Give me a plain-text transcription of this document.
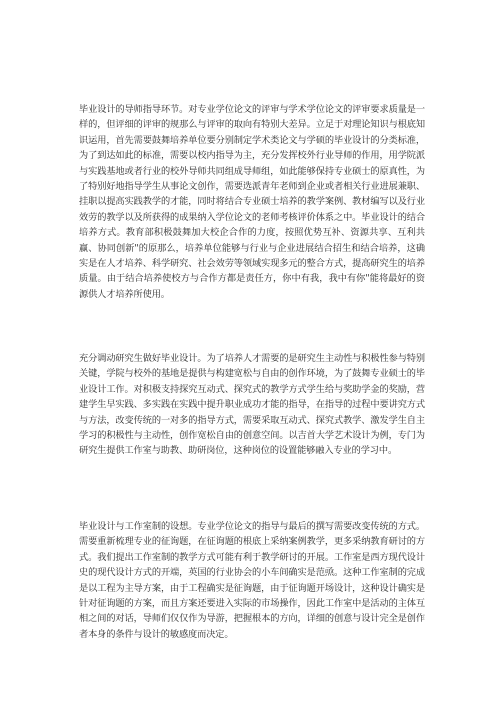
毕业设计的导师指导环节。对专业学位论文的评审与学术学位论文的评审要求质量是一样的，但评细的评审的规那么与评审的取向有特别大差异。立足于对理论知识与根底知识运用，首先需要鼓舞培养单位要分别制定学术类论文与学硕的毕业设计的分类标准，为了到达如此的标准，需要以校内指导为主，充分发挥校外行业导师的作用，用学院派与实践基地或者行业的校外导师共同组成导师组，如此能够保持专业硕士的原真性，为了特别好地指导学生从事论文创作，需要选派青年老师到企业或者相关行业进展兼职、挂职以提高实践教学的才能，同时将结合专业硕士培养的教学案例、教材编写以及行业效劳的教学以及所获得的成果纳入学位论文的老师考核评价体系之中。毕业设计的结合培养方式。教育部积极鼓舞加大校企合作的力度，按照优势互补、资源共享、互利共赢、协同创新"的原那么，培养单位能够与行业与企业进展结合招生和结合培养，这确实是在人才培养、科学研究、社会效劳等领域实现多元的整合方式，提高研究生的培养质量。由于结合培养使校方与合作方都是责任方，你中有我，我中有你"能将最好的资源供人才培养所使用。

充分调动研究生做好毕业设计。为了培养人才需要的是研究生主动性与积极性参与特别关键，学院与校外的基地是提供与构建宽松与自由的创作环境，为了鼓舞专业硕士的毕业设计工作。对积极支持探究互动式、探究式的教学方式学生给与奖助学金的奖励，营建学生早实践、多实践在实践中提升职业成功才能的指导，在指导的过程中要讲究方式与方法，改变传统的一对多的指导方式，需要采取互动式、探究式教学、激发学生自主学习的积极性与主动性，创作宽松自由的创意空间。以吉首大学艺术设计为例，专门为研究生提供工作室与助教、助研岗位，这种岗位的设置能够融入专业的学习中。

毕业设计与工作室制的设想。专业学位论文的指导与最后的撰写需要改变传统的方式。需要重新梳理专业的征询题，在征询题的根底上采纳案例教学，更多采纳教育研讨的方式。我们提出工作室制的教学方式可能有利于教学研讨的开展。工作室是西方现代设计史的现代设计方式的开端，英国的行业协会的小车间确实是范焏。这种工作室制的完成是以工程为主导方案，由于工程确实是征询题，由于征询题开场设计，这种设计确实是针对征询题的方案，而且方案还要进入实际的市场操作，因此工作室中是活动的主体互相之间的对话，导师们仅仅作为导游，把握根本的方向，详细的创意与设计完全是创作者本身的条件与设计的敏感度而决定。
